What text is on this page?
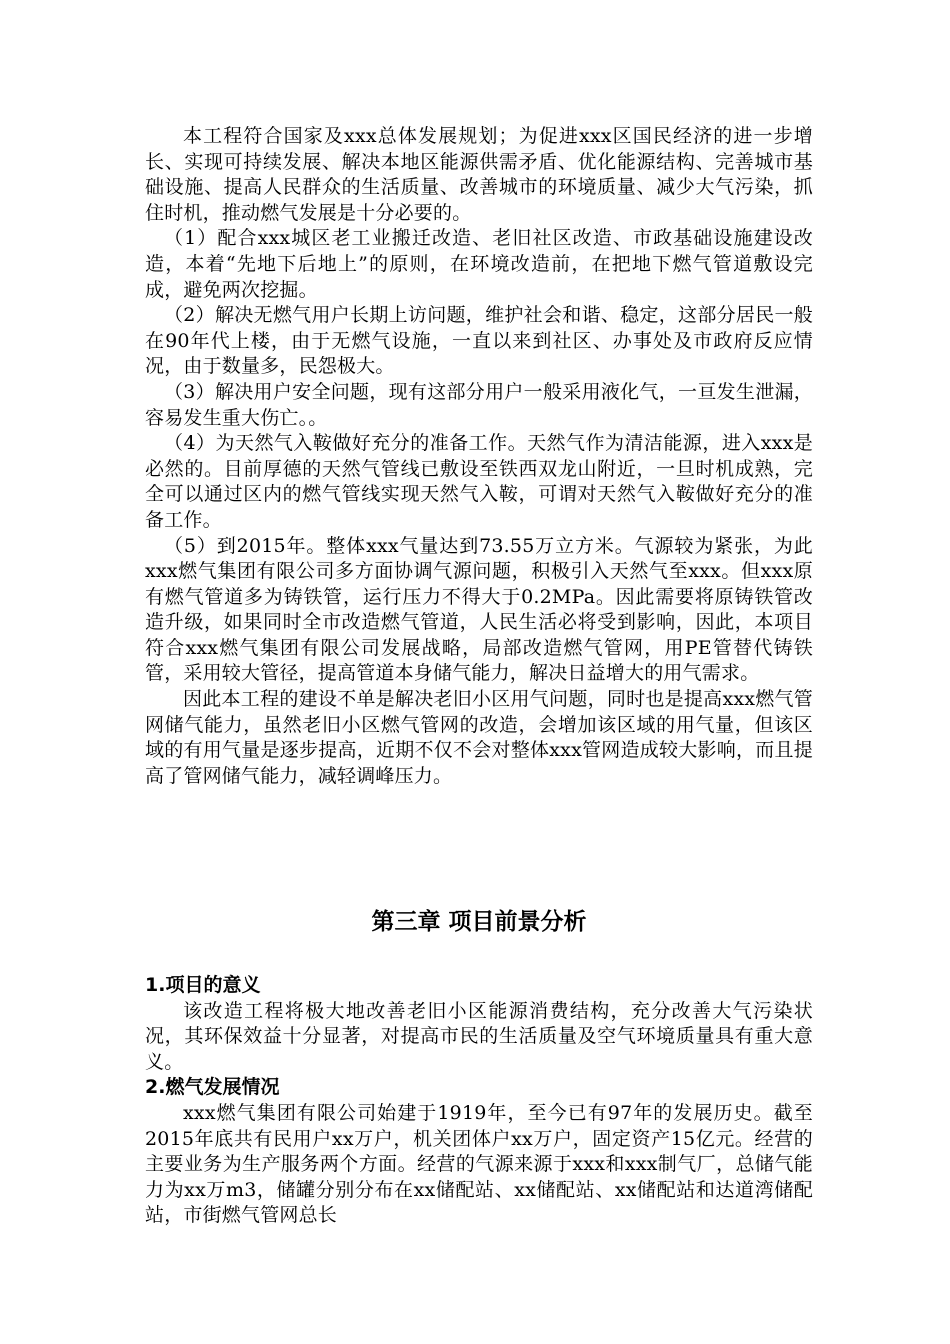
本工程符合国家及xxx总体发展规划；为促进xxx区国民经济的进一步增长、实现可持续发展、解决本地区能源供需矛盾、优化能源结构、完善城市基础设施、提高人民群众的生活质量、改善城市的环境质量、减少大气污染，抓住时机，推动燃气发展是十分必要的。

（1）配合xxx城区老工业搬迁改造、老旧社区改造、市政基础设施建设改造，本着“先地下后地上”的原则，在环境改造前，在把地下燃气管道敷设完成，避免两次挖掘。

（2）解决无燃气用户长期上访问题，维护社会和谐、稳定，这部分居民一般在90年代上楼，由于无燃气设施，一直以来到社区、办事处及市政府反应情况，由于数量多，民怨极大。

（3）解决用户安全问题，现有这部分用户一般采用液化气，一亘发生泄漏，容易发生重大伤亡。。

（4）为天然气入鞍做好充分的准备工作。天然气作为清洁能源，进入xxx是必然的。目前厚德的天然气管线已敷设至铁西双龙山附近，一旦时机成熟，完全可以通过区内的燃气管线实现天然气入鞍，可谓对天然气入鞍做好充分的准备工作。

（5）到2015年。整体xxx气量达到73.55万立方米。气源较为紧张，为此xxx燃气集团有限公司多方面协调气源问题，积极引入天然气至xxx。但xxx原有燃气管道多为铸铁管，运行压力不得大于0.2MPa。因此需要将原铸铁管改造升级，如果同时全市改造燃气管道，人民生活必将受到影响，因此，本项目符合xxx燃气集团有限公司发展战略，局部改造燃气管网，用PE管替代铸铁管，采用较大管径，提高管道本身储气能力，解决日益增大的用气需求。

因此本工程的建设不单是解决老旧小区用气问题，同时也是提高xxx燃气管网储气能力，虽然老旧小区燃气管网的改造，会增加该区域的用气量，但该区域的有用气量是逐步提高，近期不仅不会对整体xxx管网造成较大影响，而且提高了管网储气能力，减轻调峰压力。

第三章 项目前景分析
1.项目的意义

该改造工程将极大地改善老旧小区能源消费结构，充分改善大气污染状况，其环保效益十分显著，对提高市民的生活质量及空气环境质量具有重大意义。

2.燃气发展情况

xxx燃气集团有限公司始建于1919年，至今已有97年的发展历史。截至2015年底共有民用户xx万户，机关团体户xx万户，固定资产15亿元。经营的主要业务为生产服务两个方面。经营的气源来源于xxx和xxx制气厂，总储气能力为xx万m3，储罐分别分布在xx储配站、xx储配站、xx储配站和达道湾储配站，市街燃气管网总长
